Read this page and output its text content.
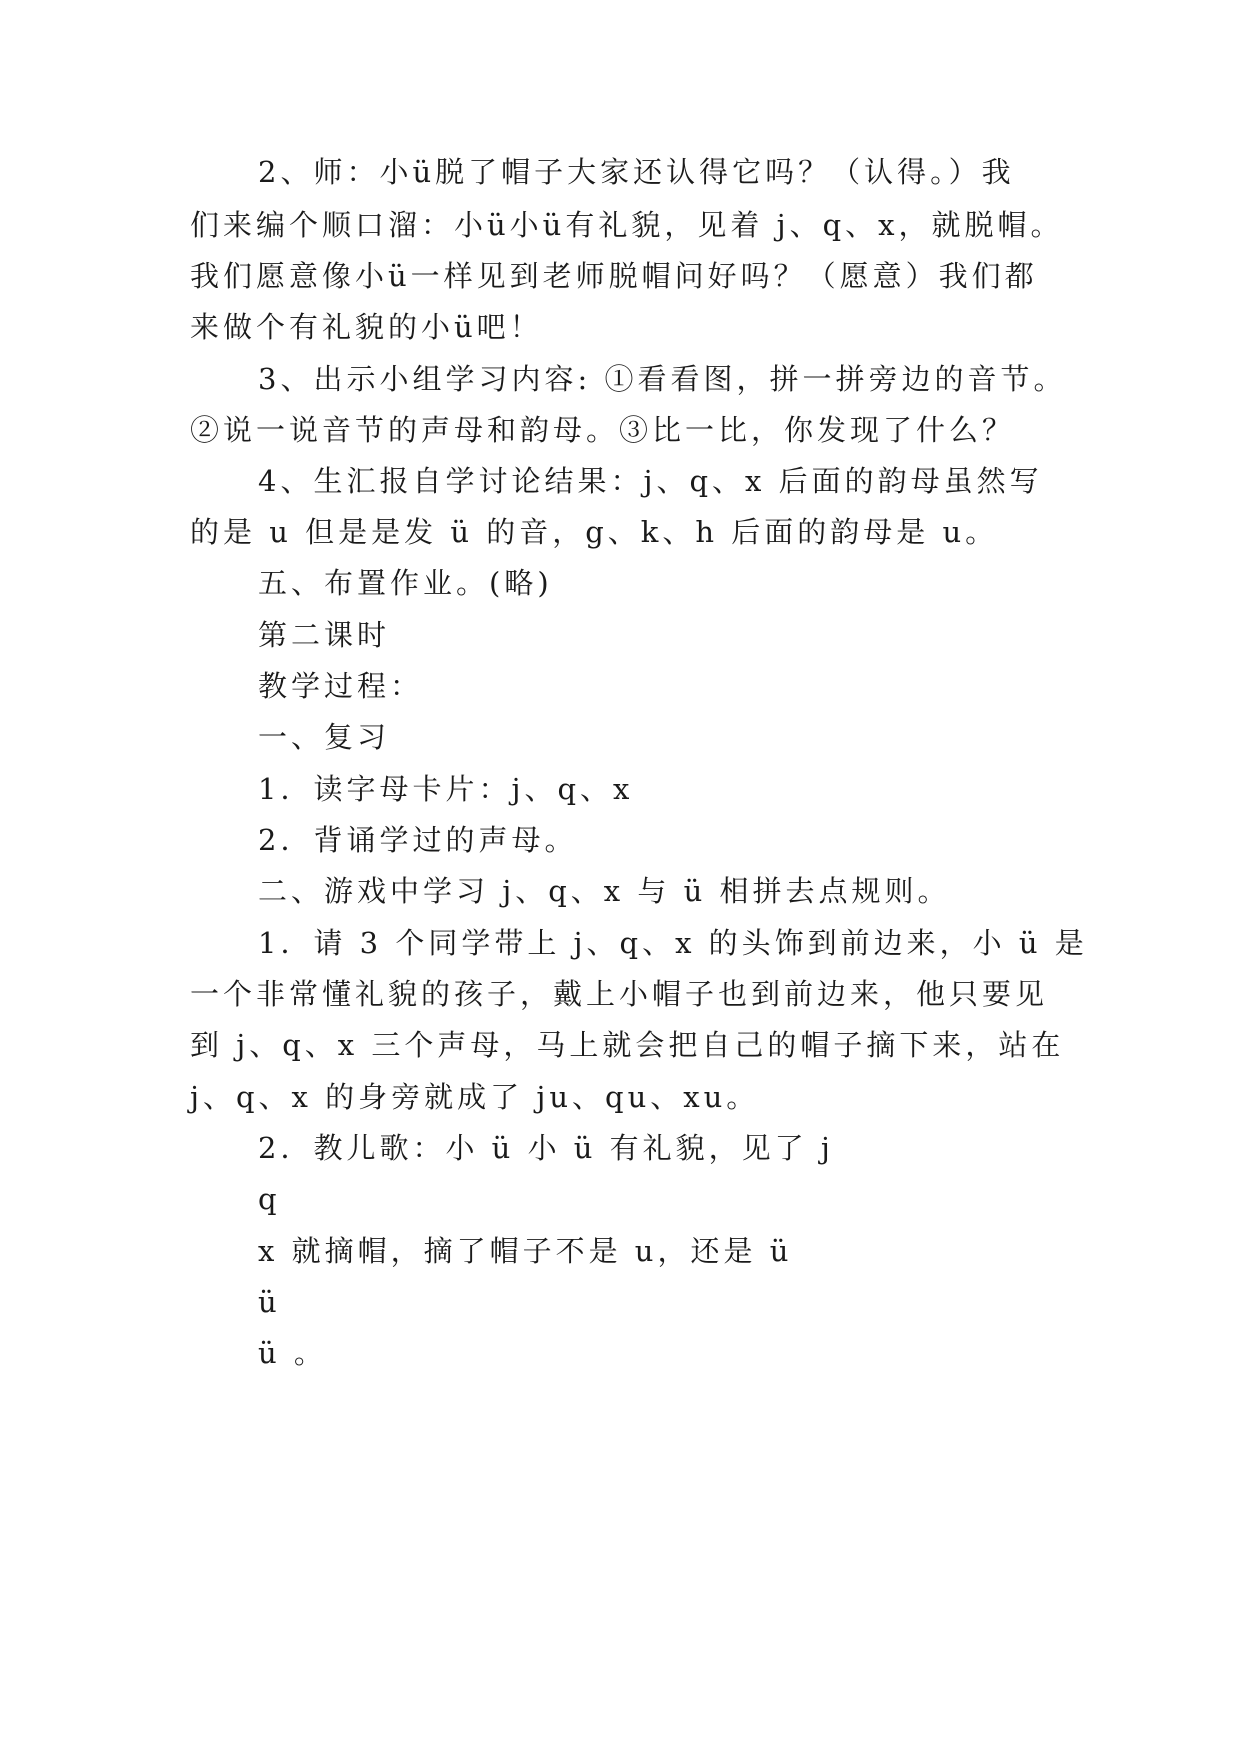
2、师：小ü脱了帽子大家还认得它吗？（认得。）我
们来编个顺口溜：小ü小ü有礼貌，见着 j、q、x，就脱帽。
我们愿意像小ü一样见到老师脱帽问好吗？（愿意）我们都
来做个有礼貌的小ü吧！
3、出示小组学习内容: ①看看图，拼一拼旁边的音节。
②说一说音节的声母和韵母。③比一比，你发现了什么？
4、生汇报自学讨论结果：j、q、x 后面的韵母虽然写
的是 u 但是是发 ü 的音，g、k、h 后面的韵母是 u。
五、布置作业。(略)
第二课时
教学过程：
一、复习
1．读字母卡片：j、q、x
2．背诵学过的声母。
二、游戏中学习 j、q、x 与 ü 相拼去点规则。
1．请 3 个同学带上 j、q、x 的头饰到前边来，小 ü 是
一个非常懂礼貌的孩子，戴上小帽子也到前边来，他只要见
到 j、q、x 三个声母，马上就会把自己的帽子摘下来，站在
j、q、x 的身旁就成了 ju、qu、xu。
2．教儿歌：小 ü 小 ü 有礼貌，见了 j
q
x 就摘帽，摘了帽子不是 u，还是 ü
ü
ü 。
